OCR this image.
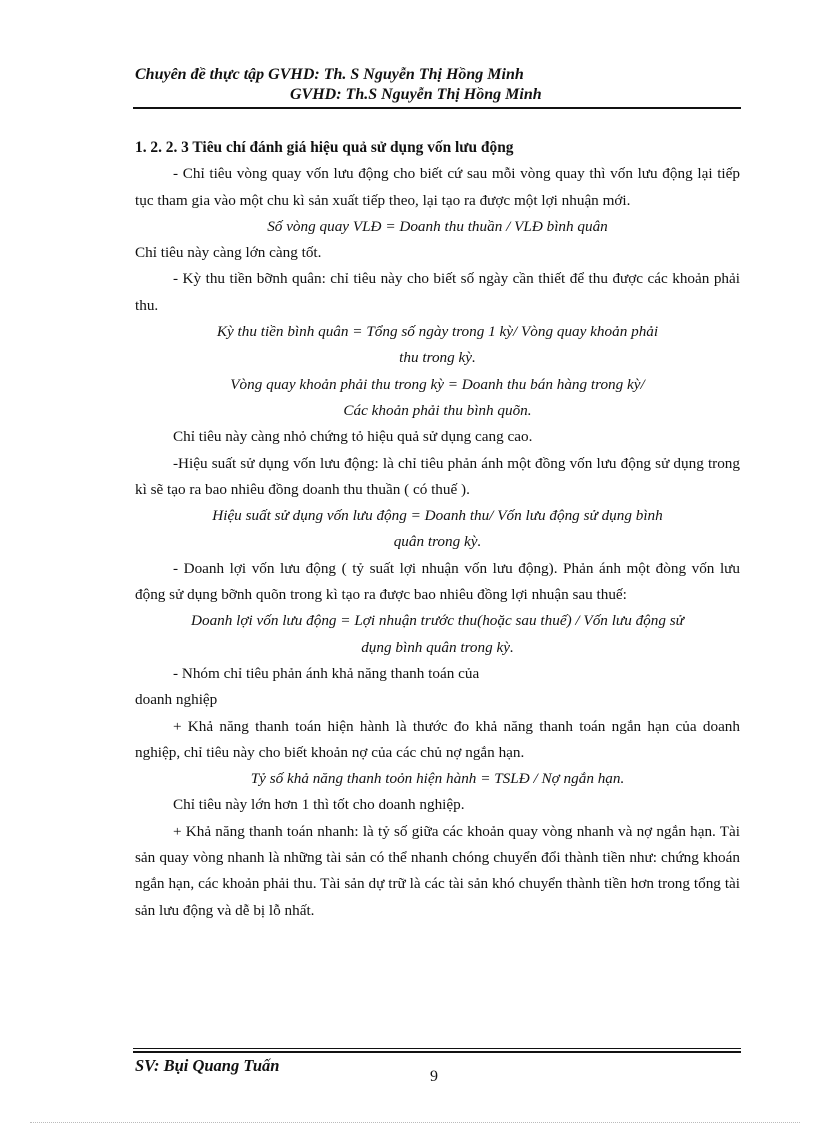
Chuyên đề thực tập GVHD: Th. S Nguyễn Thị Hồng Minh
GVHD: Th.S Nguyễn Thị Hồng Minh

1. 2. 2. 3 Tiêu chí đánh giá hiệu quả sử dụng vốn lưu động

- Chỉ tiêu vòng quay vốn lưu động cho biết cứ sau mỗi vòng quay thì vốn lưu động lại tiếp tục tham gia vào một chu kì sản xuất tiếp theo, lại tạo ra được một lợi nhuận mới.

Số vòng quay VLĐ = Doanh thu thuần / VLĐ bình quân

Chỉ tiêu này càng lớn càng tốt.

- Kỳ thu tiền bỡnh quân: chỉ tiêu này cho biết số ngày cần thiết để thu được các khoản phải thu.

Kỳ thu tiền bình quân = Tổng số ngày trong 1 kỳ/ Vòng quay khoản phải

thu trong kỳ.

Vòng quay khoản phải thu trong kỳ = Doanh thu bán hàng trong kỳ/

Các khoản phải thu bình quõn.

Chỉ tiêu này càng nhỏ chứng tỏ hiệu quả sử dụng cang cao.

-Hiệu suất sử dụng vốn lưu động: là chỉ tiêu phản ánh một đồng vốn lưu động sử dụng trong kì sẽ tạo ra bao nhiêu đồng doanh thu thuần ( có thuế ).

Hiệu suất sử dụng vốn lưu động = Doanh thu/ Vốn lưu động sử dụng bình

quân trong kỳ.

- Doanh lợi vốn lưu động ( tỷ suất lợi nhuận vốn lưu động). Phản ánh một đòng vốn lưu động sử dụng bỡnh quõn trong kì tạo ra được bao nhiêu đồng lợi nhuận sau thuế:

Doanh lợi vốn lưu động = Lợi nhuận trước thu(hoặc sau thuế) / Vốn lưu động sử

dụng bình quân trong kỳ.

- Nhóm chỉ tiêu phản ánh khả năng thanh toán của

doanh nghiệp

+ Khả năng thanh toán hiện hành là thước đo khả năng thanh toán ngắn hạn của doanh nghiệp, chỉ tiêu này cho biết khoản nợ của các chủ nợ ngắn hạn.

Tỷ số khả năng thanh toỏn hiện hành = TSLĐ / Nợ ngắn hạn.

Chỉ tiêu này lớn hơn 1 thì tốt cho doanh nghiệp.

+ Khả năng thanh toán nhanh: là tỷ số giữa các khoản quay vòng nhanh và nợ ngắn hạn. Tài sản quay vòng nhanh là những tài sản có thể nhanh chóng chuyển đổi thành tiền như: chứng khoán ngắn hạn, các khoản phải thu. Tài sản dự trữ là các tài sản khó chuyển thành tiền hơn trong tổng tài sản lưu động và dễ bị lỗ nhất.

SV: Bụi Quang Tuấn
9
